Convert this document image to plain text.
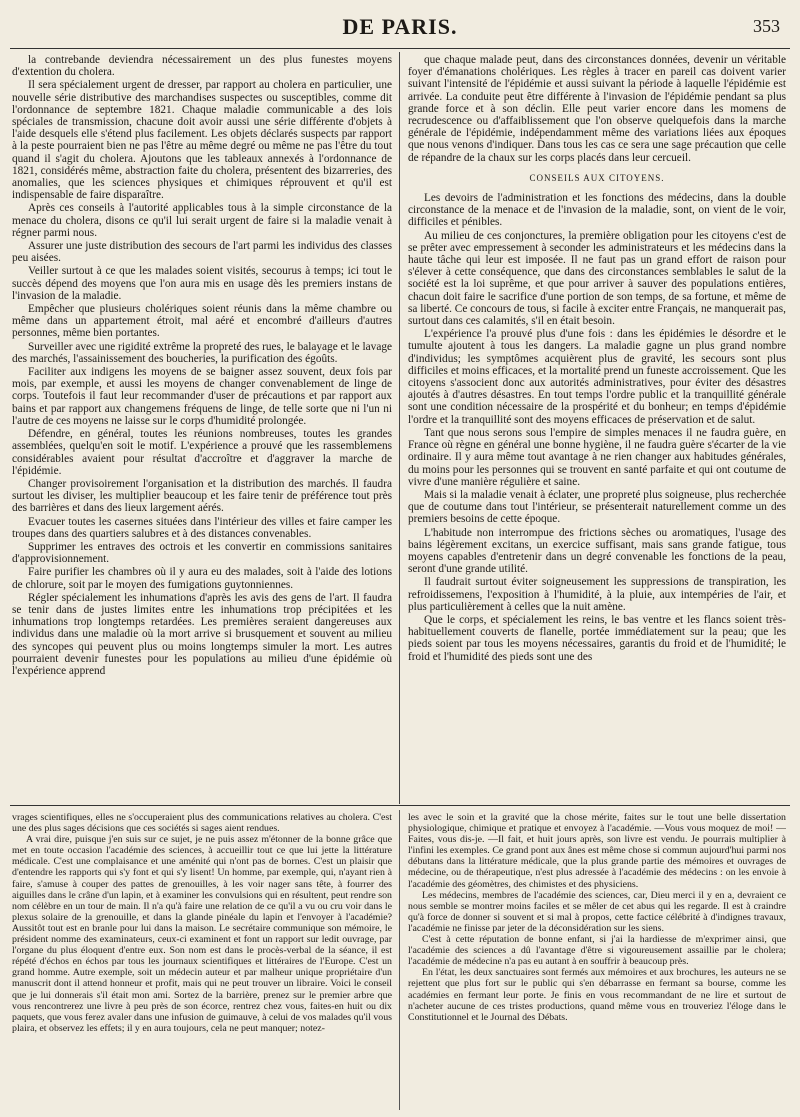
DE PARIS.	353

la contrebande deviendra nécessairement un des plus funestes moyens d'extention du cholera.

Il sera spécialement urgent de dresser, par rapport au cholera en particulier, une nouvelle série distributive des marchandises suspectes ou susceptibles, comme dit l'ordonnance de septembre 1821. Chaque maladie communicable a des lois spéciales de transmission, chacune doit avoir aussi une série différente d'objets à l'aide desquels elle s'étend plus facilement. Les objets déclarés suspects par rapport à la peste pourraient bien ne pas l'être au même degré ou même ne pas l'être du tout quand il s'agit du cholera. Ajoutons que les tableaux annexés à l'ordonnance de 1821, considérés même, abstraction faite du cholera, présentent des bizarreries, des anomalies, que les sciences physiques et chimiques réprouvent et qu'il est indispensable de faire disparaître.

Après ces conseils à l'autorité applicables tous à la simple circonstance de la menace du cholera, disons ce qu'il lui serait urgent de faire si la maladie venait à régner parmi nous.

Assurer une juste distribution des secours de l'art parmi les individus des classes peu aisées.

Veiller surtout à ce que les malades soient visités, secourus à temps; ici tout le succès dépend des moyens que l'on aura mis en usage dès les premiers instans de l'invasion de la maladie.

Empêcher que plusieurs cholériques soient réunis dans la même chambre ou même dans un appartement étroit, mal aéré et encombré d'ailleurs d'autres personnes, même bien portantes.

Surveiller avec une rigidité extrême la propreté des rues, le balayage et le lavage des marchés, l'assainissement des boucheries, la purification des égoûts.

Faciliter aux indigens les moyens de se baigner assez souvent, deux fois par mois, par exemple, et aussi les moyens de changer convenablement de linge de corps. Toutefois il faut leur recommander d'user de précautions et par rapport aux bains et par rapport aux changemens fréquens de linge, de telle sorte que ni l'un ni l'autre de ces moyens ne laisse sur le corps d'humidité prolongée.

Défendre, en général, toutes les réunions nombreuses, toutes les grandes assemblées, quelqu'en soit le motif. L'expérience a prouvé que les rassemblemens considérables avaient pour résultat d'accroître et d'aggraver la marche de l'épidémie.

Changer provisoirement l'organisation et la distribution des marchés. Il faudra surtout les diviser, les multiplier beaucoup et les faire tenir de préférence tout près des barrières et dans des lieux largement aérés.

Evacuer toutes les casernes situées dans l'intérieur des villes et faire camper les troupes dans des quartiers salubres et à des distances convenables.

Supprimer les entraves des octrois et les convertir en commissions sanitaires d'approvisionnement.

Faire purifier les chambres où il y aura eu des malades, soit à l'aide des lotions de chlorure, soit par le moyen des fumigations guytonniennes.

Régler spécialement les inhumations d'après les avis des gens de l'art. Il faudra se tenir dans de justes limites entre les inhumations trop précipitées et les inhumations trop longtemps retardées. Les premières seraient dangereuses aux individus dans une maladie où la mort arrive si brusquement et souvent au milieu des syncopes qui peuvent plus ou moins longtemps simuler la mort. Les autres pourraient devenir funestes pour les populations au milieu d'une épidémie où l'expérience apprend

que chaque malade peut, dans des circonstances données, devenir un véritable foyer d'émanations cholériques. Les règles à tracer en pareil cas doivent varier suivant l'intensité de l'épidémie et aussi suivant la période à laquelle l'épidémie est arrivée. La conduite peut être différente à l'invasion de l'épidémie pendant sa plus grande force et à son déclin. Elle peut varier encore dans les momens de recrudescence ou d'affaiblissement que l'on observe quelquefois dans la marche générale de l'épidémie, indépendamment même des variations liées aux époques que nous venons d'indiquer. Dans tous les cas ce sera une sage précaution que celle de répandre de la chaux sur les corps placés dans leur cercueil.

CONSEILS AUX CITOYENS.

Les devoirs de l'administration et les fonctions des médecins, dans la double circonstance de la menace et de l'invasion de la maladie, sont, on vient de le voir, difficiles et pénibles.

Au milieu de ces conjonctures, la première obligation pour les citoyens c'est de se prêter avec empressement à seconder les administrateurs et les médecins dans la haute tâche qui leur est imposée. Il ne faut pas un grand effort de raison pour s'élever à cette conséquence, que dans des circonstances semblables le salut de la société est la loi suprême, et que pour arriver à sauver des populations entières, chacun doit faire le sacrifice d'une portion de son temps, de sa fortune, et même de sa liberté. Ce concours de tous, si facile à exciter entre Français, ne manquerait pas, surtout dans ces calamités, s'il en était besoin.

L'expérience l'a prouvé plus d'une fois : dans les épidémies le désordre et le tumulte ajoutent à tous les dangers. La maladie gagne un plus grand nombre d'individus; les symptômes acquièrent plus de gravité, les secours sont plus difficiles et moins efficaces, et la mortalité prend un funeste accroissement. Que les citoyens s'associent donc aux autorités administratives, pour éviter des désastres ajoutés à d'autres désastres. En tout temps l'ordre public et la tranquillité générale sont une condition nécessaire de la prospérité et du bonheur; en temps d'épidémie l'ordre et la tranquillité sont des moyens efficaces de préservation et de salut.

Tant que nous serons sous l'empire de simples menaces il ne faudra guère, en France où règne en général une bonne hygiène, il ne faudra guère s'écarter de la vie ordinaire. Il y aura même tout avantage à ne rien changer aux habitudes générales, du moins pour les personnes qui se trouvent en santé parfaite et qui ont coutume de vivre d'une manière régulière et saine.

Mais si la maladie venait à éclater, une propreté plus soigneuse, plus recherchée que de coutume dans tout l'intérieur, se présenterait naturellement comme un des premiers besoins de cette époque.

L'habitude non interrompue des frictions sèches ou aromatiques, l'usage des bains légèrement excitans, un exercice suffisant, mais sans grande fatigue, tous moyens capables d'entretenir dans un degré convenable les fonctions de la peau, seront d'une grande utilité.

Il faudrait surtout éviter soigneusement les suppressions de transpiration, les refroidissemens, l'exposition à l'humidité, à la pluie, aux intempéries de l'air, et plus particulièrement à celles que la nuit amène.

Que le corps, et spécialement les reins, le bas ventre et les flancs soient très-habituellement couverts de flanelle, portée immédiatement sur la peau; que les pieds soient par tous les moyens nécessaires, garantis du froid et de l'humidité; le froid et l'humidité des pieds sont une des

vrages scientifiques, elles ne s'occuperaient plus des communications relatives au cholera. C'est une des plus sages décisions que ces sociétés si sages aient rendues.

A vrai dire, puisque j'en suis sur ce sujet, je ne puis assez m'étonner de la bonne grâce que met en toute occasion l'académie des sciences, à accueillir tout ce que lui jette la littérature médicale. C'est une complaisance et une aménité qui n'ont pas de bornes. C'est un plaisir que d'entendre les rapports qui s'y font et qui s'y lisent! Un homme, par exemple, qui, n'ayant rien à faire, s'amuse à couper des pattes de grenouilles, à les voir nager sans tête, à fourrer des aiguilles dans le crâne d'un lapin, et à examiner les convulsions qui en résultent, peut rendre son nom célèbre en un tour de main. Il n'a qu'à faire une relation de ce qu'il a vu ou cru voir dans le plexus solaire de la grenouille, et dans la glande pinéale du lapin et l'envoyer à l'académie? Aussitôt tout est en branle pour lui dans la maison. Le secrétaire communique son mémoire, le président nomme des examinateurs, ceux-ci examinent et font un rapport sur ledit ouvrage, par l'organe du plus éloquent d'entre eux. Son nom est dans le procès-verbal de la séance, il est répété d'échos en échos par tous les journaux scientifiques et littéraires de l'Europe. C'est un grand homme. Autre exemple, soit un médecin auteur et par malheur unique propriétaire d'un manuscrit dont il attend honneur et profit, mais qui ne peut trouver un libraire. Voici le conseil que je lui donnerais s'il était mon ami. Sortez de la barrière, prenez sur le premier arbre que vous rencontrerez une livre à peu près de son écorce, rentrez chez vous, faites-en huit ou dix paquets, que vous ferez avaler dans une infusion de guimauve, à celui de vos malades qu'il vous plaira, et observez les effets; il y en aura toujours, cela ne peut manquer; notez-

les avec le soin et la gravité que la chose mérite, faites sur le tout une belle dissertation physiologique, chimique et pratique et envoyez à l'académie. —Vous vous moquez de moi! — Faites, vous dis-je. —Il fait, et huit jours après, son livre est vendu. Je pourrais multiplier à l'infini les exemples. Ce grand pont aux ânes est même chose si commun aujourd'hui parmi nos débutans dans la littérature médicale, que la plus grande partie des mémoires et ouvrages de médecine, ou de thérapeutique, n'est plus adressée à l'académie des médecins : on les envoie à l'académie des géomètres, des chimistes et des physiciens.

Les médecins, membres de l'académie des sciences, car, Dieu merci il y en a, devraient ce nous semble se montrer moins faciles et se mêler de cet abus qui les regarde. Il est à craindre qu'à force de donner si souvent et si mal à propos, cette factice célébrité à d'indignes travaux, l'académie ne finisse par jeter de la déconsidération sur les siens.

C'est à cette réputation de bonne enfant, si j'ai la hardiesse de m'exprimer ainsi, que l'académie des sciences a dû l'avantage d'être si vigoureusement assaillie par le cholera; l'académie de médecine n'a pas eu autant à en souffrir à beaucoup près.

En l'état, les deux sanctuaires sont fermés aux mémoires et aux brochures, les auteurs ne se rejettent que plus fort sur le public qui s'en débarrasse en fermant sa bourse, comme les académies en fermant leur porte. Je finis en vous recommandant de ne lire et surtout de n'acheter aucune de ces tristes productions, quand même vous en trouveriez l'éloge dans le Constitutionnel et le Journal des Débats.
